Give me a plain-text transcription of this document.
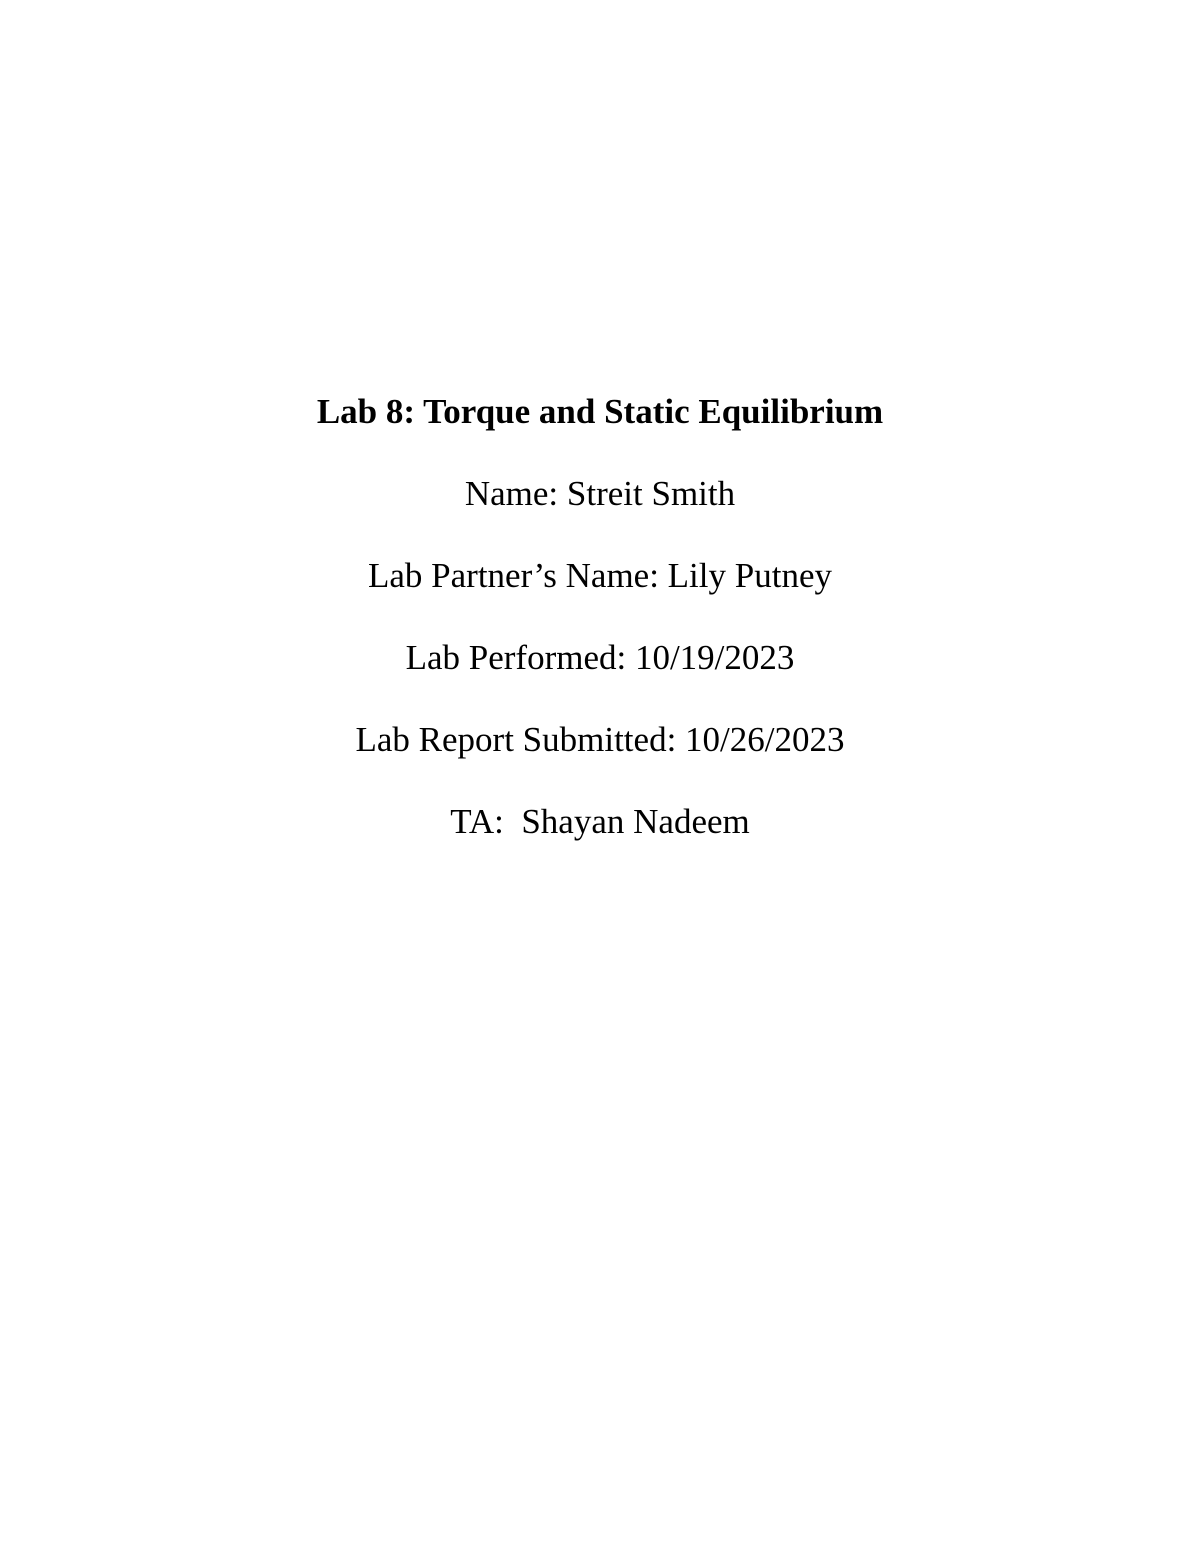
Lab 8: Torque and Static Equilibrium
Name: Streit Smith
Lab Partner’s Name: Lily Putney
Lab Performed: 10/19/2023
Lab Report Submitted: 10/26/2023
TA:  Shayan Nadeem
